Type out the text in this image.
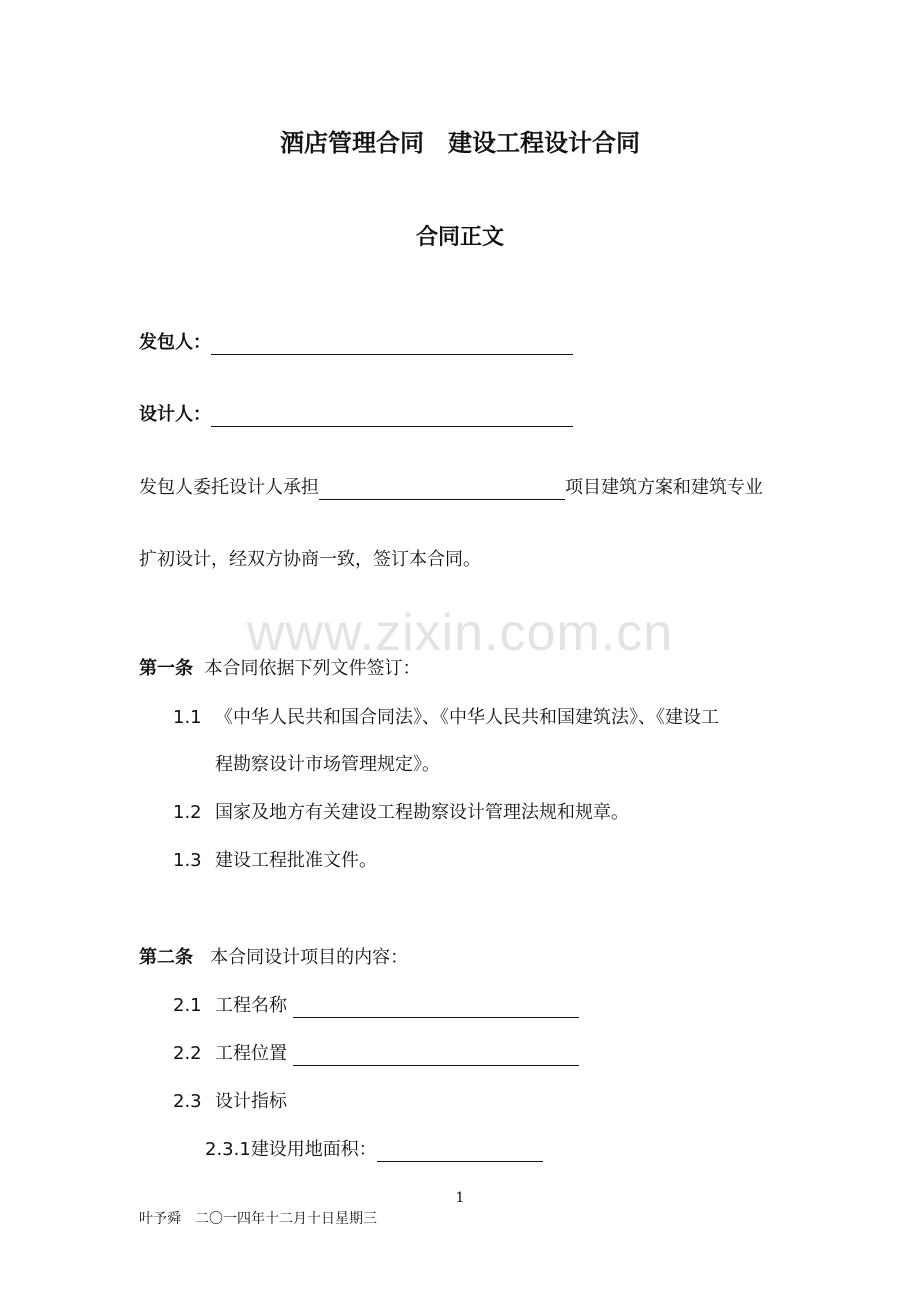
酒店管理合同　建设工程设计合同
合同正文
发包人：
设计人：
发包人委托设计人承担	项目建筑方案和建筑专业
扩初设计，经双方协商一致，签订本合同。
www.zixin.com.cn
第一条 本合同依据下列文件签订：
1.1 《中华人民共和国合同法》、《中华人民共和国建筑法》、《建设工
程勘察设计市场管理规定》。
1.2 国家及地方有关建设工程勘察设计管理法规和规章。
1.3 建设工程批准文件。
第二条 本合同设计项目的内容：
2.1 工程名称
2.2 工程位置
2.3 设计指标
2.3.1建设用地面积：
1
叶予舜　二〇一四年十二月十日星期三
